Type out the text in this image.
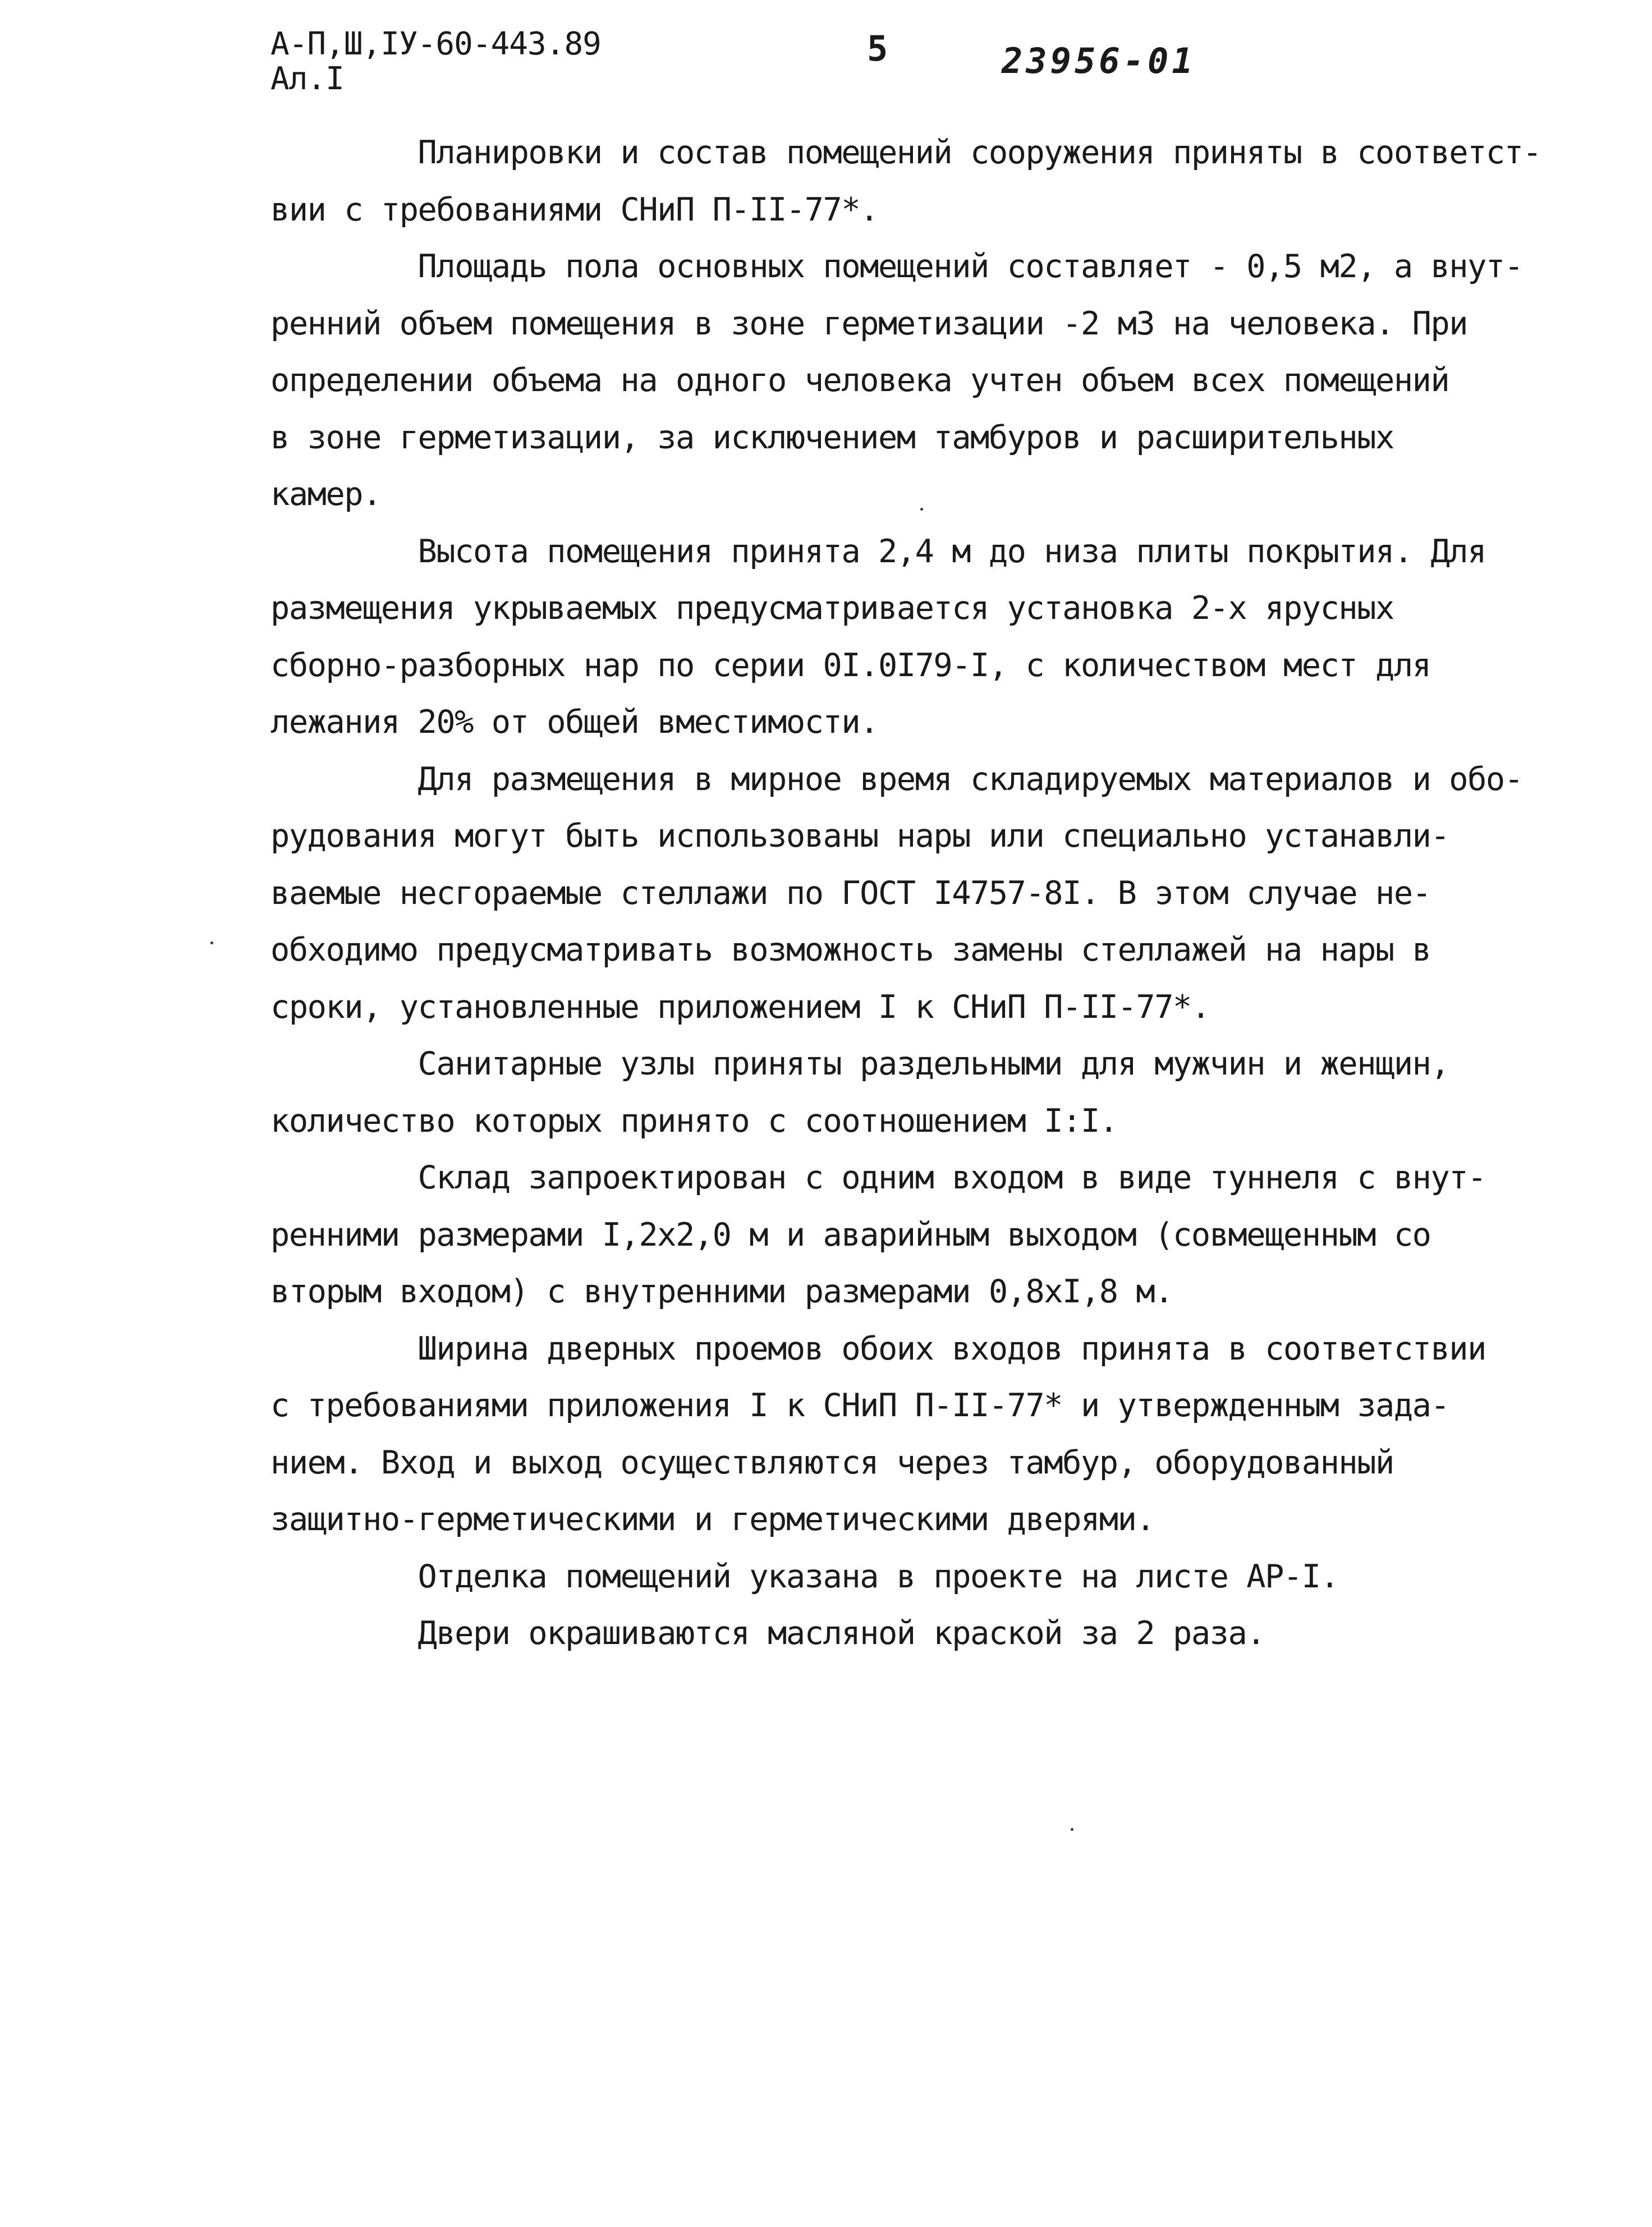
А-П,Ш,IУ-60-443.89
Ал.I
5	23956-01
Планировки и состав помещений сооружения приняты в соответст-
вии с требованиями СНиП П-II-77*.
Площадь пола основных помещений составляет - 0,5 м2, а внут-
ренний объем помещения в зоне герметизации -2 м3 на человека. При
определении объема на одного человека учтен объем всех помещений
в зоне герметизации, за исключением тамбуров и расширительных
камер.
Высота помещения принята 2,4 м до низа плиты покрытия. Для
размещения укрываемых предусматривается установка 2-х ярусных
сборно-разборных нар по серии 0I.0I79-I, с количеством мест для
лежания 20% от общей вместимости.
Для размещения в мирное время складируемых материалов и обо-
рудования могут быть использованы нары или специально устанавли-
ваемые несгораемые стеллажи по ГОСТ I4757-8I. В этом случае не-
обходимо предусматривать возможность замены стеллажей на нары в
сроки, установленные приложением I к СНиП П-II-77*.
Санитарные узлы приняты раздельными для мужчин и женщин,
количество которых принято с соотношением I:I.
Склад запроектирован с одним входом в виде туннеля с внут-
ренними размерами I,2x2,0 м и аварийным выходом (совмещенным со
вторым входом) с внутренними размерами 0,8xI,8 м.
Ширина дверных проемов обоих входов принята в соответствии
с требованиями приложения I к СНиП П-II-77* и утвержденным зада-
нием. Вход и выход осуществляются через тамбур, оборудованный
защитно-герметическими и герметическими дверями.
Отделка помещений указана в проекте на листе АР-I.
Двери окрашиваются масляной краской за 2 раза.
